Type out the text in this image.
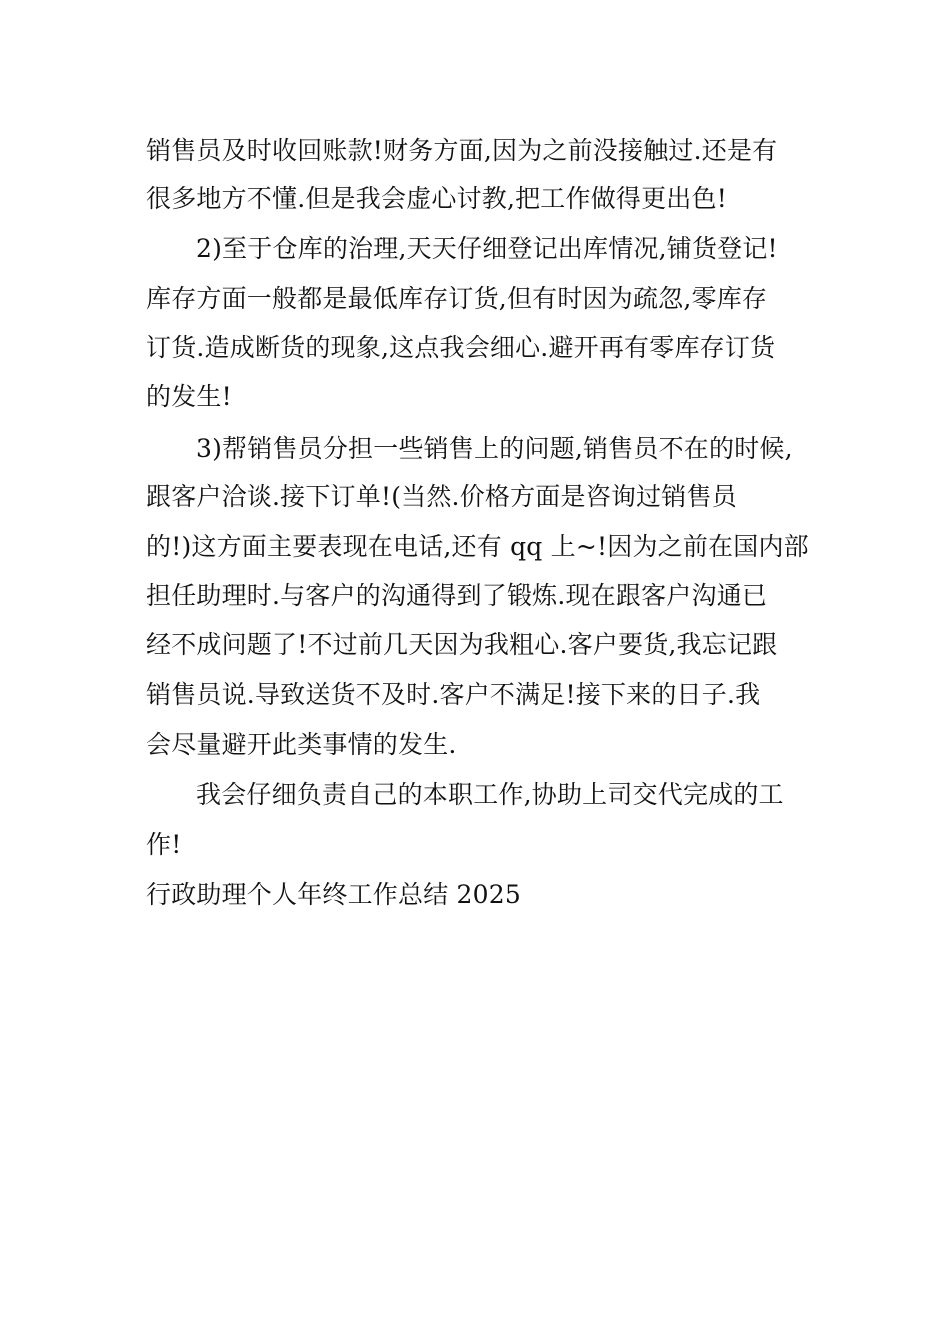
销售员及时收回账款!财务方面,因为之前没接触过.还是有
很多地方不懂.但是我会虚心讨教,把工作做得更出色!
2)至于仓库的治理,天天仔细登记出库情况,铺货登记!
库存方面一般都是最低库存订货,但有时因为疏忽,零库存
订货.造成断货的现象,这点我会细心.避开再有零库存订货
的发生!
3)帮销售员分担一些销售上的问题,销售员不在的时候,
跟客户洽谈.接下订单!(当然.价格方面是咨询过销售员
的!)这方面主要表现在电话,还有 qq 上~!因为之前在国内部
担任助理时.与客户的沟通得到了锻炼.现在跟客户沟通已
经不成问题了!不过前几天因为我粗心.客户要货,我忘记跟
销售员说.导致送货不及时.客户不满足!接下来的日子.我
会尽量避开此类事情的发生.
我会仔细负责自己的本职工作,协助上司交代完成的工
作!
行政助理个人年终工作总结 2025
